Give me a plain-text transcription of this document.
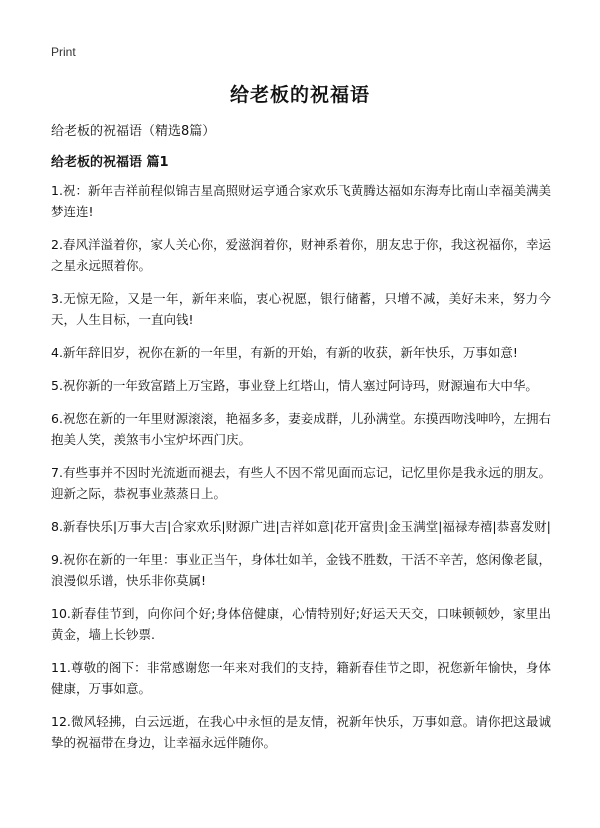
Print
给老板的祝福语

给老板的祝福语（精选8篇）

给老板的祝福语 篇1
1.祝：新年吉祥前程似锦吉星高照财运亨通合家欢乐飞黄腾达福如东海寿比南山幸福美满美梦连连!
2.春风洋溢着你，家人关心你，爱滋润着你，财神系着你，朋友忠于你，我这祝福你，幸运之星永远照着你。
3.无惊无险，又是一年，新年来临，衷心祝愿，银行储蓄，只增不减，美好未来，努力今天，人生目标，一直向钱!
4.新年辞旧岁，祝你在新的一年里，有新的开始，有新的收获，新年快乐，万事如意!
5.祝你新的一年致富踏上万宝路，事业登上红塔山，情人塞过阿诗玛，财源遍布大中华。
6.祝您在新的一年里财源滚滚，艳福多多，妻妾成群，儿孙满堂。东摸西吻浅呻吟，左拥右抱美人笑，羡煞韦小宝炉坏西门庆。
7.有些事并不因时光流逝而褪去，有些人不因不常见面而忘记，记忆里你是我永远的朋友。迎新之际，恭祝事业蒸蒸日上。
8.新春快乐|万事大吉|合家欢乐|财源广进|吉祥如意|花开富贵|金玉满堂|福禄寿禧|恭喜发财|
9.祝你在新的一年里：事业正当午，身体壮如羊，金钱不胜数，干活不辛苦，悠闲像老鼠，浪漫似乐谱，快乐非你莫属!
10.新春佳节到，向你问个好;身体倍健康，心情特别好;好运天天交，口味顿顿妙，家里出黄金，墙上长钞票.
11.尊敬的阁下：非常感谢您一年来对我们的支持，籍新春佳节之即，祝您新年愉快，身体健康，万事如意。
12.微风轻拂，白云远逝，在我心中永恒的是友情，祝新年快乐，万事如意。请你把这最诚挚的祝福带在身边，让幸福永远伴随你。
